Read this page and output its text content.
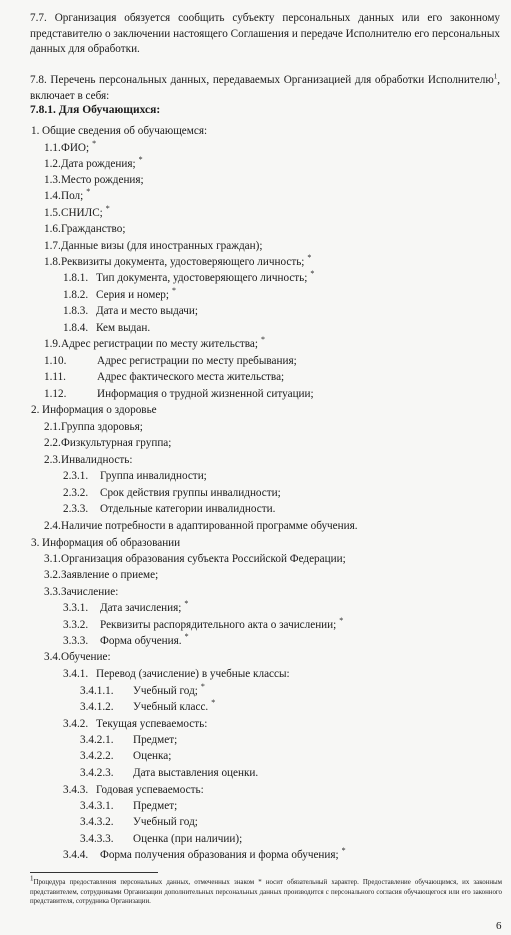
7.7. Организация обязуется сообщить субъекту персональных данных или его законному представителю о заключении настоящего Соглашения и передаче Исполнителю его персональных данных для обработки.
7.8. Перечень персональных данных, передаваемых Организацией для обработки Исполнителю$^1$, включает в себя:
7.8.1. Для Обучающихся:
1. Общие сведения об обучающемся:
1.1. ФИО; *
1.2. Дата рождения; *
1.3. Место рождения;
1.4. Пол; *
1.5. СНИЛС; *
1.6. Гражданство;
1.7. Данные визы (для иностранных граждан);
1.8. Реквизиты документа, удостоверяющего личность; *
1.8.1. Тип документа, удостоверяющего личность; *
1.8.2. Серия и номер; *
1.8.3. Дата и место выдачи;
1.8.4. Кем выдан.
1.9. Адрес регистрации по месту жительства; *
1.10.	Адрес регистрации по месту пребывания;
1.11.	Адрес фактического места жительства;
1.12.	Информация о трудной жизненной ситуации;
2. Информация о здоровье
2.1. Группа здоровья;
2.2. Физкультурная группа;
2.3. Инвалидность:
2.3.1. Группа инвалидности;
2.3.2. Срок действия группы инвалидности;
2.3.3. Отдельные категории инвалидности.
2.4. Наличие потребности в адаптированной программе обучения.
3. Информация об образовании
3.1. Организация образования субъекта Российской Федерации;
3.2. Заявление о приеме;
3.3. Зачисление:
3.3.1. Дата зачисления; *
3.3.2. Реквизиты распорядительного акта о зачислении; *
3.3.3. Форма обучения. *
3.4. Обучение:
3.4.1. Перевод (зачисление) в учебные классы:
3.4.1.1. Учебный год; *
3.4.1.2. Учебный класс. *
3.4.2. Текущая успеваемость:
3.4.2.1. Предмет;
3.4.2.2. Оценка;
3.4.2.3. Дата выставления оценки.
3.4.3. Годовая успеваемость:
3.4.3.1. Предмет;
3.4.3.2. Учебный год;
3.4.3.3. Оценка (при наличии);
3.4.4. Форма получения образования и форма обучения; *
$^1$Процедура предоставления персональных данных, отмеченных знаком * носит обязательный характер. Предоставление обучающимся, их законным представителем, сотрудниками Организации дополнительных персональных данных производится с персонального согласия обучающегося или его законного представителя, сотрудника Организации.
6
